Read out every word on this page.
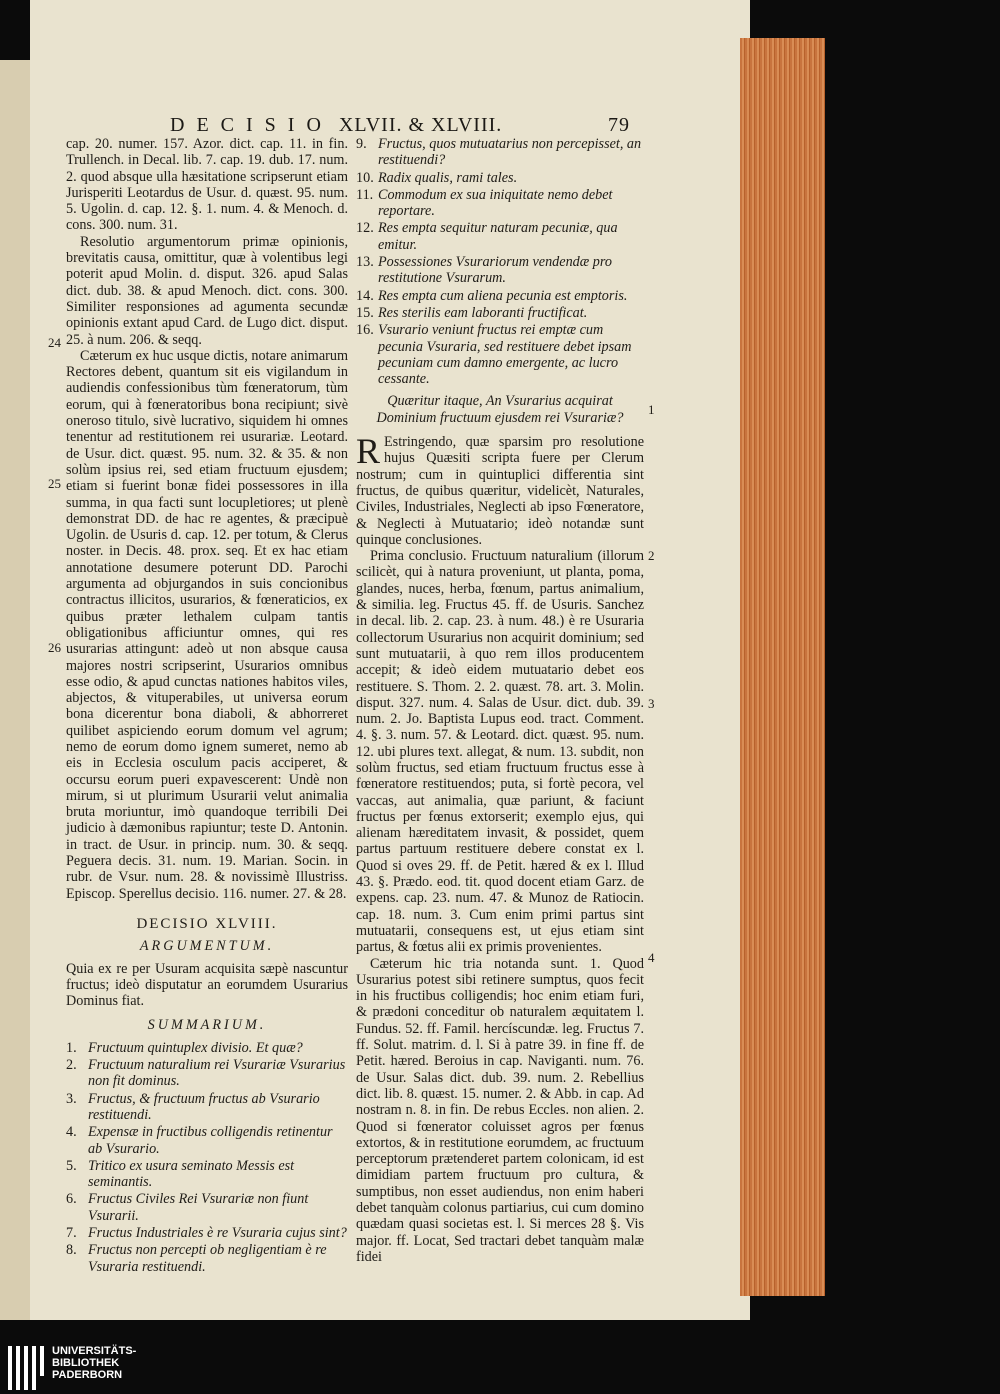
DECISIO XLVII. & XLVIII.	79

cap. 20. numer. 157. Azor. dict. cap. 11. in fin. Trullench. in Decal. lib. 7. cap. 19. dub. 17. num. 2. quod absque ulla hæsitatione scripserunt etiam Jurisperiti Leotardus de Usur. d. quæst. 95. num. 5. Ugolin. d. cap. 12. §. 1. num. 4. & Menoch. d. cons. 300. num. 31.

Resolutio argumentorum primæ opinionis, brevitatis causa, omittitur, quæ à volentibus legi poterit apud Molin. d. disput. 326. apud Salas dict. dub. 38. & apud Menoch. dict. cons. 300. Similiter responsiones ad agumenta secundæ opinionis extant apud Card. de Lugo dict. disput. 25. à num. 206. & seqq.

Cæterum ex huc usque dictis, notare animarum Rectores debent, quantum sit eis vigilandum in audiendis confessionibus tùm fœneratorum, tùm eorum, qui à fœneratoribus bona recipiunt; sivè oneroso titulo, sivè lucrativo, siquidem hi omnes tenentur ad restitutionem rei usurariæ. Leotard. de Usur. dict. quæst. 95. num. 32. & 35. & non solùm ipsius rei, sed etiam fructuum ejusdem; etiam si fuerint bonæ fidei possessores in illa summa, in qua facti sunt locupletiores; ut plenè demonstrat DD. de hac re agentes, & præcipuè Ugolin. de Usuris d. cap. 12. per totum, & Clerus noster. in Decis. 48. prox. seq. Et ex hac etiam annotatione desumere poterunt DD. Parochi argumenta ad objurgandos in suis concionibus contractus illicitos, usurarios, & fœneraticios, ex quibus præter lethalem culpam tantis obligationibus afficiuntur omnes, qui res usurarias attingunt: adeò ut non absque causa majores nostri scripserint, Usurarios omnibus esse odio, & apud cunctas nationes habitos viles, abjectos, & vituperabiles, ut universa eorum bona dicerentur bona diaboli, & abhorreret quilibet aspiciendo eorum domum vel agrum; nemo de eorum domo ignem sumeret, nemo ab eis in Ecclesia osculum pacis acciperet, & occursu eorum pueri expavescerent: Undè non mirum, si ut plurimum Usurarii velut animalia bruta moriuntur, imò quandoque terribili Dei judicio à dæmonibus rapiuntur; teste D. Antonin. in tract. de Usur. in princip. num. 30. & seqq. Peguera decis. 31. num. 19. Marian. Socin. in rubr. de Vsur. num. 28. & novissimè Illustriss. Episcop. Sperellus decisio. 116. numer. 27. & 28.

DECISIO XLVIII.
ARGUMENTUM.

Quia ex re per Usuram acquisita sæpè nascuntur fructus; ideò disputatur an eorumdem Usurarius Dominus fiat.

SUMMARIUM.
1. Fructuum quintuplex divisio. Et quæ?
2. Fructuum naturalium rei Vsurariæ Vsurarius non fit dominus.
3. Fructus, & fructuum fructus ab Vsurario restituendi.
4. Expensæ in fructibus colligendis retinentur ab Vsurario.
5. Tritico ex usura seminato Messis est seminantis.
6. Fructus Civiles Rei Vsurariæ non fiunt Vsurarii.
7. Fructus Industriales è re Vsuraria cujus sint?
8. Fructus non percepti ob negligentiam è re Vsuraria restituendi.
9. Fructus, quos mutuatarius non percepisset, an restituendi?
10. Radix qualis, rami tales.
11. Commodum ex sua iniquitate nemo debet reportare.
12. Res empta sequitur naturam pecuniæ, qua emitur.
13. Possessiones Vsurariorum vendendæ pro restitutione Vsurarum.
14. Res empta cum aliena pecunia est emptoris.
15. Res sterilis eam laboranti fructificat.
16. Vsurario veniunt fructus rei emptæ cum pecunia Vsuraria, sed restituere debet ipsam pecuniam cum damno emergente, ac lucro cessante.
Quæritur itaque, An Vsurarius acquirat Dominium fructuum ejusdem rei Vsurariæ?

R Estringendo, quæ sparsim pro resolutione hujus Quæsiti scripta fuere per Clerum nostrum; cum in quintuplici differentia sint fructus, de quibus quæritur, videlicèt, Naturales, Civiles, Industriales, Neglecti ab ipso Fœneratore, & Neglecti à Mutuatario; ideò notandæ sunt quinque conclusiones.

Prima conclusio. Fructuum naturalium (illorum scilicèt, qui à natura proveniunt, ut planta, poma, glandes, nuces, herba, fœnum, partus animalium, & similia. leg. Fructus 45. ff. de Usuris. Sanchez in decal. lib. 2. cap. 23. à num. 48.) è re Usuraria collectorum Usurarius non acquirit dominium; sed sunt mutuatarii, à quo rem illos producentem accepit; & ideò eidem mutuatario debet eos restituere. S. Thom. 2. 2. quæst. 78. art. 3. Molin. disput. 327. num. 4. Salas de Usur. dict. dub. 39. num. 2. Jo. Baptista Lupus eod. tract. Comment. 4. §. 3. num. 57. & Leotard. dict. quæst. 95. num. 12. ubi plures text. allegat, & num. 13. subdit, non solùm fructus, sed etiam fructuum fructus esse à fœneratore restituendos; puta, si fortè pecora, vel vaccas, aut animalia, quæ pariunt, & faciunt fructus per fœnus extorserit; exemplo ejus, qui alienam hæreditatem invasit, & possidet, quem partus partuum restituere debere constat ex l. Quod si oves 29. ff. de Petit. hæred & ex l. Illud 43. §. Prædo. eod. tit. quod docent etiam Garz. de expens. cap. 23. num. 47. & Munoz de Ratiocin. cap. 18. num. 3. Cum enim primi partus sint mutuatarii, consequens est, ut ejus etiam sint partus, & fœtus alii ex primis provenientes.

Cæterum hic tria notanda sunt. 1. Quod Usurarius potest sibi retinere sumptus, quos fecit in his fructibus colligendis; hoc enim etiam furi, & prædoni conceditur ob naturalem æquitatem l. Fundus. 52. ff. Famil. hercíscundæ. leg. Fructus 7. ff. Solut. matrim. d. l. Si à patre 39. in fine ff. de Petit. hæred. Beroius in cap. Naviganti. num. 76. de Usur. Salas dict. dub. 39. num. 2. Rebellius dict. lib. 8. quæst. 15. numer. 2. & Abb. in cap. Ad nostram n. 8. in fin. De rebus Eccles. non alien. 2. Quod si fœnerator coluisset agros per fœnus extortos, & in restitutione eorumdem, ac fructuum perceptorum prætenderet partem colonicam, id est dimidiam partem fructuum pro cultura, & sumptibus, non esset audiendus, non enim haberi debet tanquàm colonus partiarius, cui cum domino quædam quasi societas est. l. Si merces 28 §. Vis major. ff. Locat, Sed tractari debet tanquàm malæ fidei

24
25
26
1
2
3
4
UNIVERSITÄTS-
BIBLIOTHEK
PADERBORN
